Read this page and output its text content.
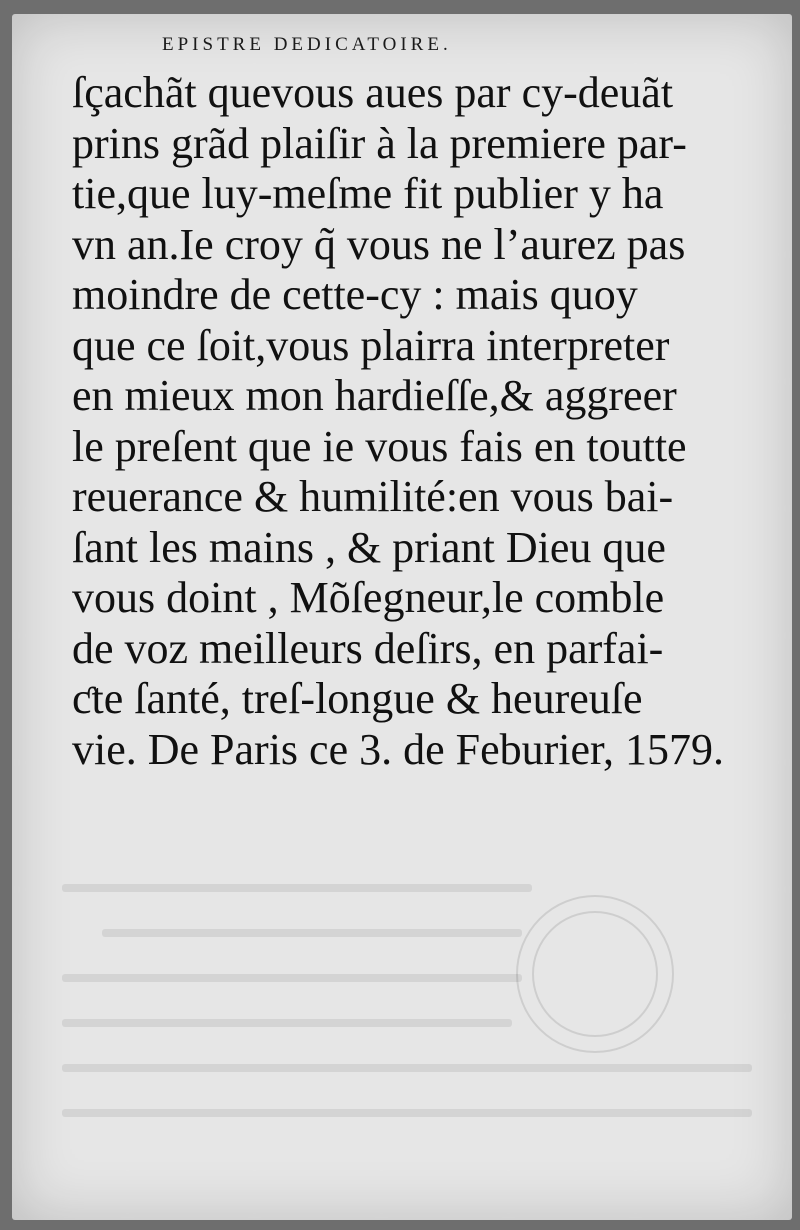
EPISTRE DEDICATOIRE.
ſçachãt quevous aues par cy-deuãt
prins grãd plaiſir à la premiere par-
tie,que luy-meſme fit publier y ha
vn an.Ie croy q̃ vous ne l’aurez pas
moindre de cette-cy : mais quoy
que ce ſoit,vous plairra interpreter
en mieux mon hardieſſe,& aggreer
le preſent que ie vous fais en toutte
reuerance & humilité:en vous bai-
ſant les mains , & priant Dieu que
vous doint , Mõſegneur,le comble
de voz meilleurs deſirs, en parfai-
ƈte ſanté, treſ-longue & heureuſe
vie. De Paris ce 3. de Feburier, 1579.
